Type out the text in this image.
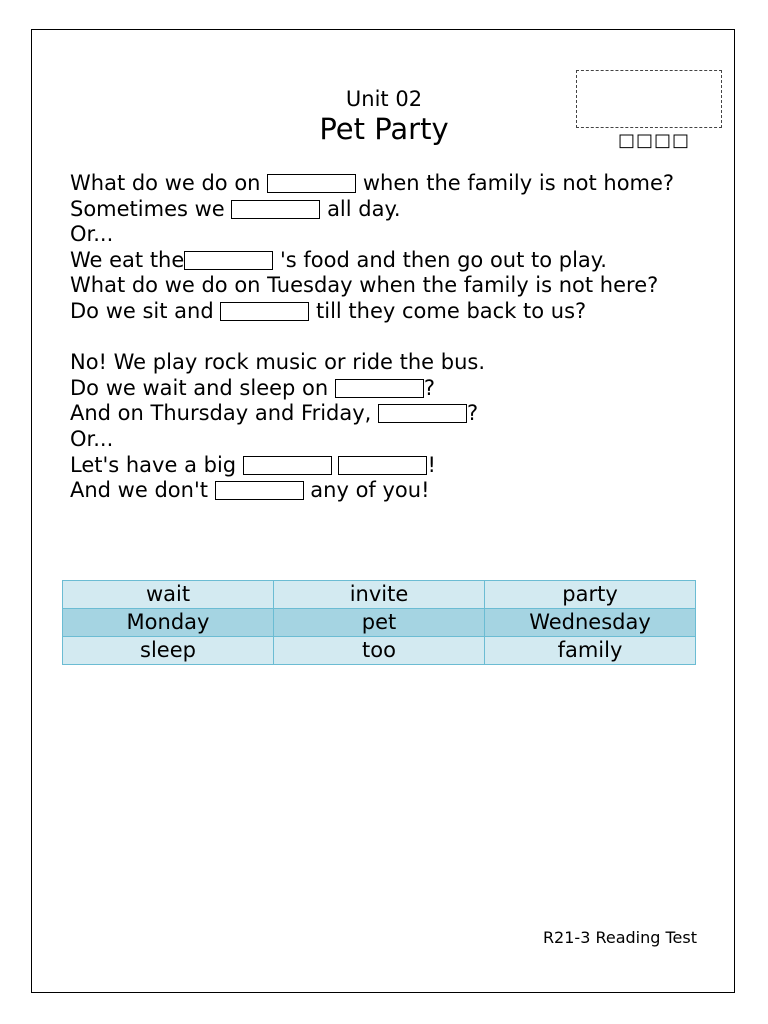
□□□□
Unit 02
Pet Party
What do we do on	when the family is not home?
Sometimes we	all day.
Or...
We eat the	's food and then go out to play.
What do we do on Tuesday when the family is not here?
Do we sit and	till they come back to us?
No! We play rock music or ride the bus.
Do we wait and sleep on	?
And on Thursday and Friday,	?
Or...
Let's have a big	!
And we don't	any of you!
wait	invite	party
Monday	pet	Wednesday
sleep	too	family
R21-3 Reading Test
